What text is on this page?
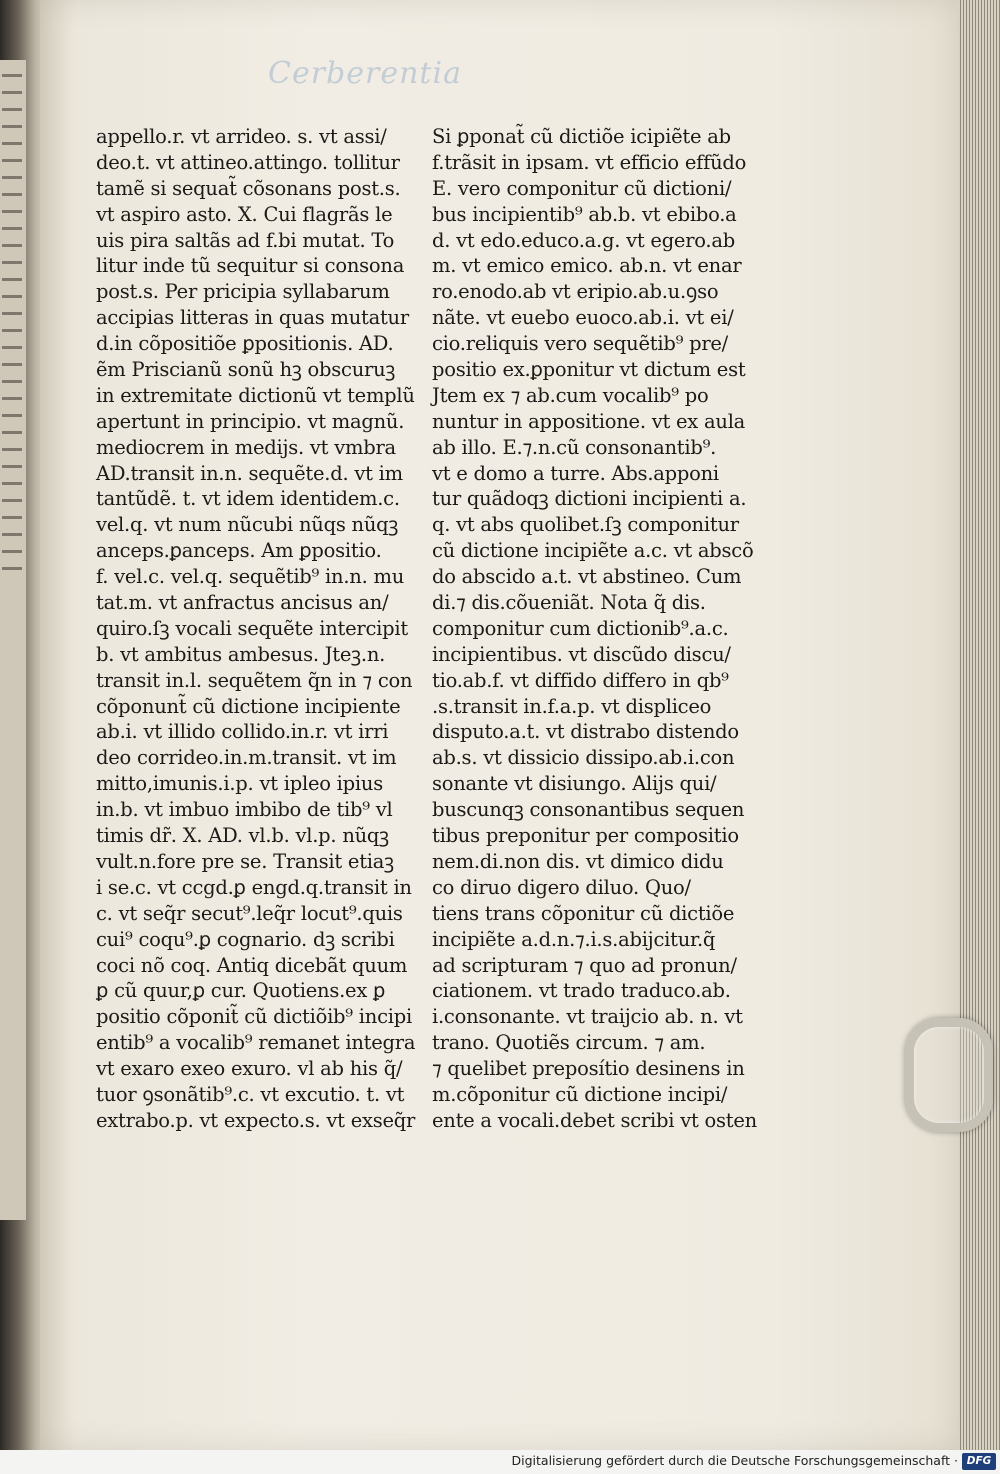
Cerberentia
appello.r. vt arrideo. s. vt assi/
deo.t. vt attineo.attingo. tollitur
tamẽ si sequat̃ cõsonans post.s.
vt aspiro asto. X. Cui flagrãs le
uis pira saltãs ad f.bi mutat. To
litur inde tũ sequitur si consona
post.s. Per pricipia syllabarum
accipias litteras in quas mutatur
d.in cõpositiõe ꝑpositionis. AD.
ẽm Priscianũ sonũ hꝫ obscuruꝫ
in extremitate dictionũ vt templũ
apertunt in principio. vt magnũ.
mediocrem in medijs. vt vmbra
AD.transit in.n. sequẽte.d. vt im
tantũdẽ. t. vt idem identidem.c.
vel.q. vt num nũcubi nũqs nũqꝫ
anceps.ꝑanceps. Am ꝑpositio.
f. vel.c. vel.q. sequẽtib⁹ in.n. mu
tat.m. vt anfractus ancisus an/
quiro.ſꝫ vocali sequẽte intercipit
b. vt ambitus ambesus. Jteꝫ.n.
transit in.l. sequẽtem q̃n in ⁊ con
cõponunt̃ cũ dictione incipiente
ab.i. vt illido collido.in.r. vt irri
deo corrideo.in.m.transit. vt im
mitto,imunis.i.p. vt ipleo ipius
in.b. vt imbuo imbibo de tib⁹ vl
timis dr̃. X. AD. vl.b. vl.p. nũqꝫ
vult.n.fore pre se. Transit etiaꝫ
i se.c. vt ccgd.ꝑ engd.q.transit in
c. vt seq̃r secut⁹.leq̃r locut⁹.quis
cui⁹ coqu⁹.ꝑ cognario. dꝫ scribi
coci nõ coq. Antiq dicebãt quum
ꝑ cũ quur,ꝑ cur. Quotiens.ex ꝑ
positio cõponit̃ cũ dictiõib⁹ incipi
entib⁹ a vocalib⁹ remanet integra
vt exaro exeo exuro. vl ab his q̃/
tuor ꝯsonãtib⁹.c. vt excutio. t. vt
extrabo.p. vt expecto.s. vt exseq̃r
Si ꝑponat̃ cũ dictiõe icipiẽte ab
f.trãsit in ipsam. vt efficio effũdo
E. vero componitur cũ dictioni/
bus incipientib⁹ ab.b. vt ebibo.a
d. vt edo.educo.a.g. vt egero.ab
m. vt emico emico. ab.n. vt enar
ro.enodo.ab vt eripio.ab.u.ꝯso
nãte. vt euebo euoco.ab.i. vt ei/
cio.reliquis vero sequẽtib⁹ pre/
positio ex.ꝑponitur vt dictum est
Jtem ex ⁊ ab.cum vocalib⁹ po
nuntur in appositione. vt ex aula
ab illo. E.⁊.n.cũ consonantib⁹.
vt e domo a turre. Abs.apponi
tur quãdoqꝫ dictioni incipienti a.
q. vt abs quolibet.ſꝫ componitur
cũ dictione incipiẽte a.c. vt abscõ
do abscido a.t. vt abstineo. Cum
di.⁊ dis.cõueniãt. Nota q̃ dis.
componitur cum dictionib⁹.a.c.
incipientibus. vt discũdo discu/
tio.ab.f. vt diffido differo in qb⁹
.s.transit in.f.a.p. vt displiceo
disputo.a.t. vt distrabo distendo
ab.s. vt dissicio dissipo.ab.i.con
sonante vt disiungo. Alijs qui/
buscunqꝫ consonantibus sequen
tibus preponitur per compositio
nem.di.non dis. vt dimico didu
co diruo digero diluo. Quo/
tiens trans cõponitur cũ dictiõe
incipiẽte a.d.n.⁊.i.s.abijcitur.q̃
ad scripturam ⁊ quo ad pronun/
ciationem. vt trado traduco.ab.
i.consonante. vt traijcio ab. n. vt
trano. Quotiẽs circum. ⁊ am.
⁊ quelibet preposítio desinens in
m.cõponitur cũ dictione incipi/
ente a vocali.debet scribi vt osten
Digitalisierung gefördert durch die Deutsche Forschungsgemeinschaft · DFG
